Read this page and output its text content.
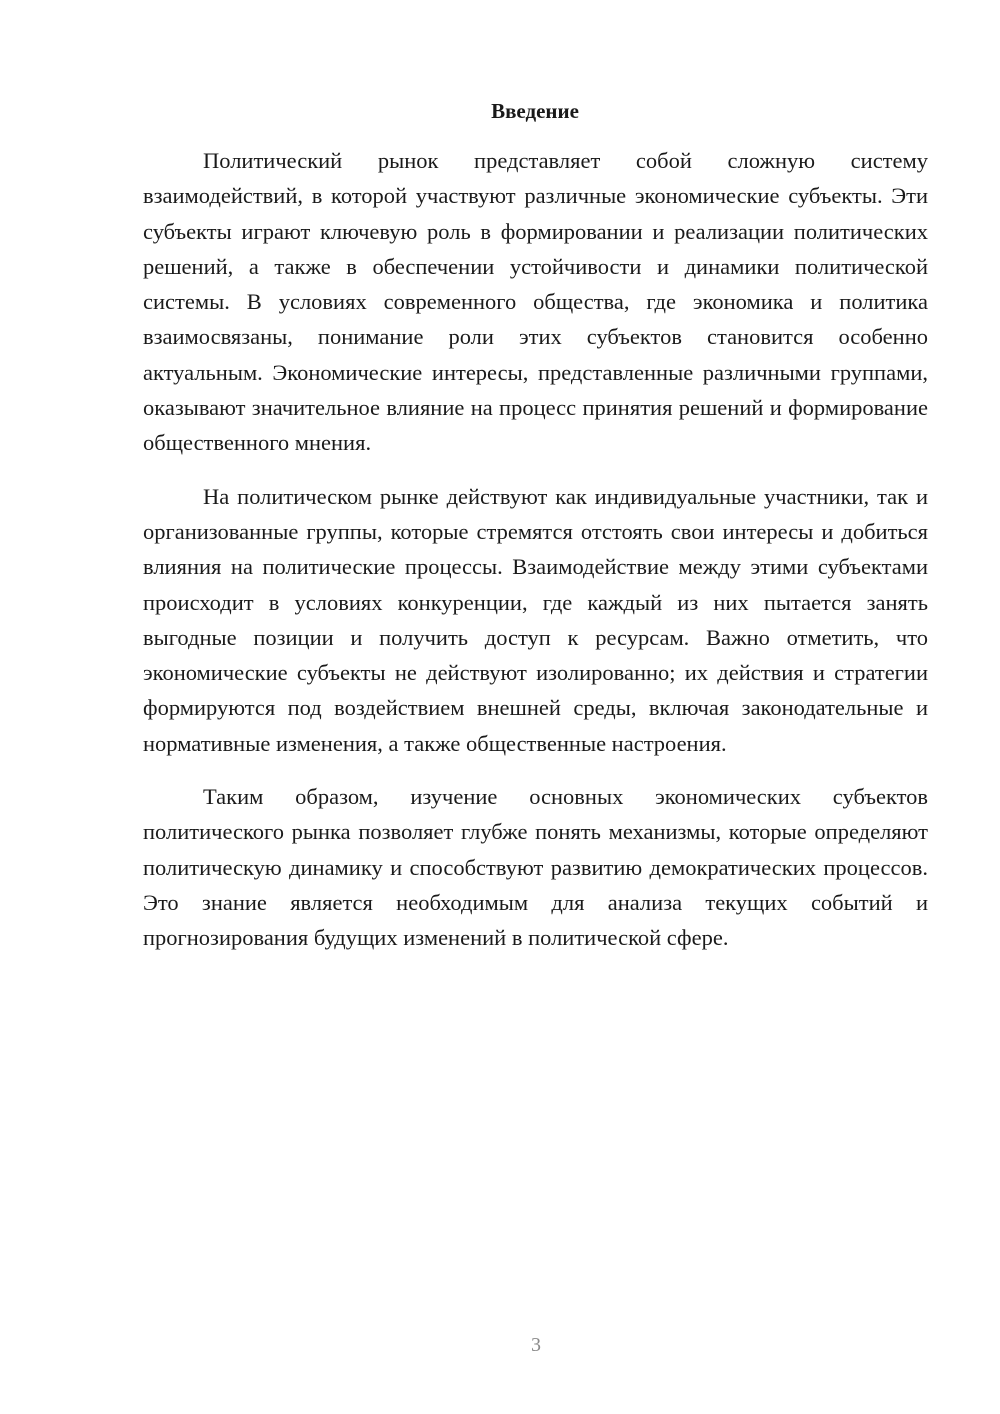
Введение

Политический рынок представляет собой сложную систему взаимодействий, в которой участвуют различные экономические субъекты. Эти субъекты играют ключевую роль в формировании и реализации политических решений, а также в обеспечении устойчивости и динамики политической системы. В условиях современного общества, где экономика и политика взаимосвязаны, понимание роли этих субъектов становится особенно актуальным. Экономические интересы, представленные различными группами, оказывают значительное влияние на процесс принятия решений и формирование общественного мнения.

На политическом рынке действуют как индивидуальные участники, так и организованные группы, которые стремятся отстоять свои интересы и добиться влияния на политические процессы. Взаимодействие между этими субъектами происходит в условиях конкуренции, где каждый из них пытается занять выгодные позиции и получить доступ к ресурсам. Важно отметить, что экономические субъекты не действуют изолированно; их действия и стратегии формируются под воздействием внешней среды, включая законодательные и нормативные изменения, а также общественные настроения.

Таким образом, изучение основных экономических субъектов политического рынка позволяет глубже понять механизмы, которые определяют политическую динамику и способствуют развитию демократических процессов. Это знание является необходимым для анализа текущих событий и прогнозирования будущих изменений в политической сфере.

3
